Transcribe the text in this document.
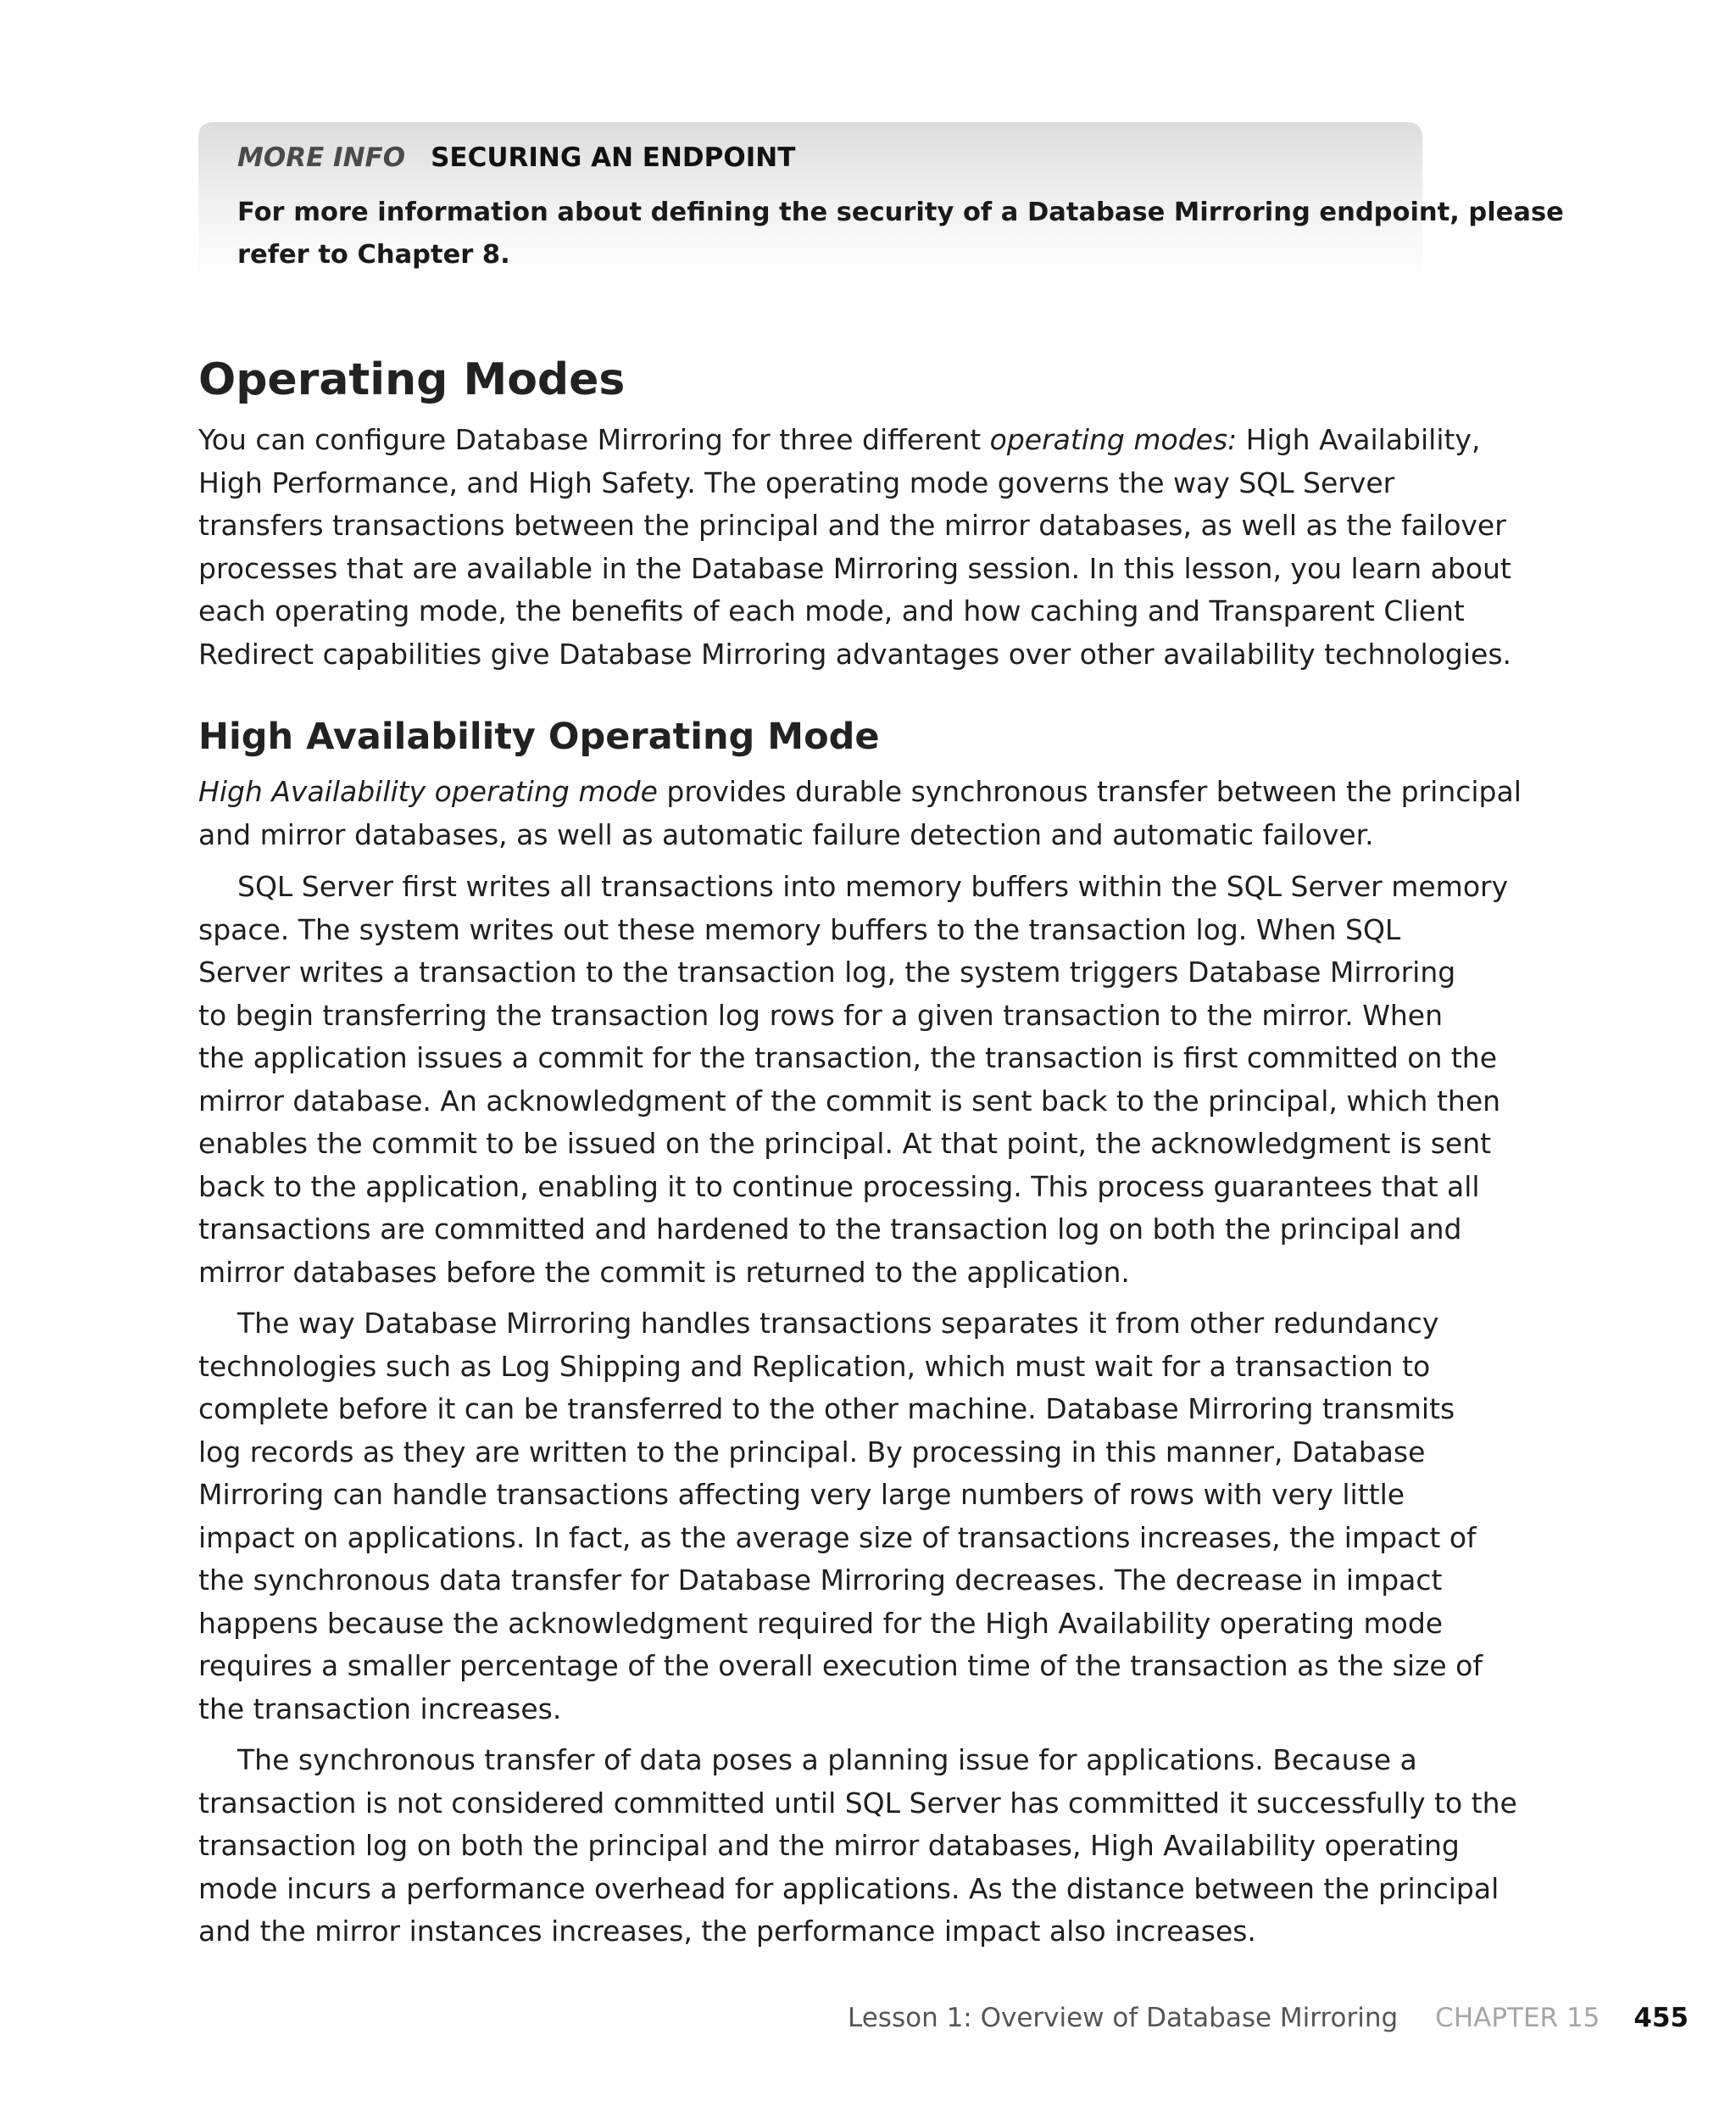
MORE INFO SECURING AN ENDPOINT
For more information about defining the security of a Database Mirroring endpoint, please
refer to Chapter 8.
Operating Modes
You can configure Database Mirroring for three different operating modes: High Availability,
High Performance, and High Safety. The operating mode governs the way SQL Server
transfers transactions between the principal and the mirror databases, as well as the failover
processes that are available in the Database Mirroring session. In this lesson, you learn about
each operating mode, the benefits of each mode, and how caching and Transparent Client
Redirect capabilities give Database Mirroring advantages over other availability technologies.
High Availability Operating Mode
High Availability operating mode provides durable synchronous transfer between the principal
and mirror databases, as well as automatic failure detection and automatic failover.
SQL Server first writes all transactions into memory buffers within the SQL Server memory
space. The system writes out these memory buffers to the transaction log. When SQL
Server writes a transaction to the transaction log, the system triggers Database Mirroring
to begin transferring the transaction log rows for a given transaction to the mirror. When
the application issues a commit for the transaction, the transaction is first committed on the
mirror database. An acknowledgment of the commit is sent back to the principal, which then
enables the commit to be issued on the principal. At that point, the acknowledgment is sent
back to the application, enabling it to continue processing. This process guarantees that all
transactions are committed and hardened to the transaction log on both the principal and
mirror databases before the commit is returned to the application.
The way Database Mirroring handles transactions separates it from other redundancy
technologies such as Log Shipping and Replication, which must wait for a transaction to
complete before it can be transferred to the other machine. Database Mirroring transmits
log records as they are written to the principal. By processing in this manner, Database
Mirroring can handle transactions affecting very large numbers of rows with very little
impact on applications. In fact, as the average size of transactions increases, the impact of
the synchronous data transfer for Database Mirroring decreases. The decrease in impact
happens because the acknowledgment required for the High Availability operating mode
requires a smaller percentage of the overall execution time of the transaction as the size of
the transaction increases.
The synchronous transfer of data poses a planning issue for applications. Because a
transaction is not considered committed until SQL Server has committed it successfully to the
transaction log on both the principal and the mirror databases, High Availability operating
mode incurs a performance overhead for applications. As the distance between the principal
and the mirror instances increases, the performance impact also increases.
Lesson 1: Overview of Database Mirroring CHAPTER 15 455
